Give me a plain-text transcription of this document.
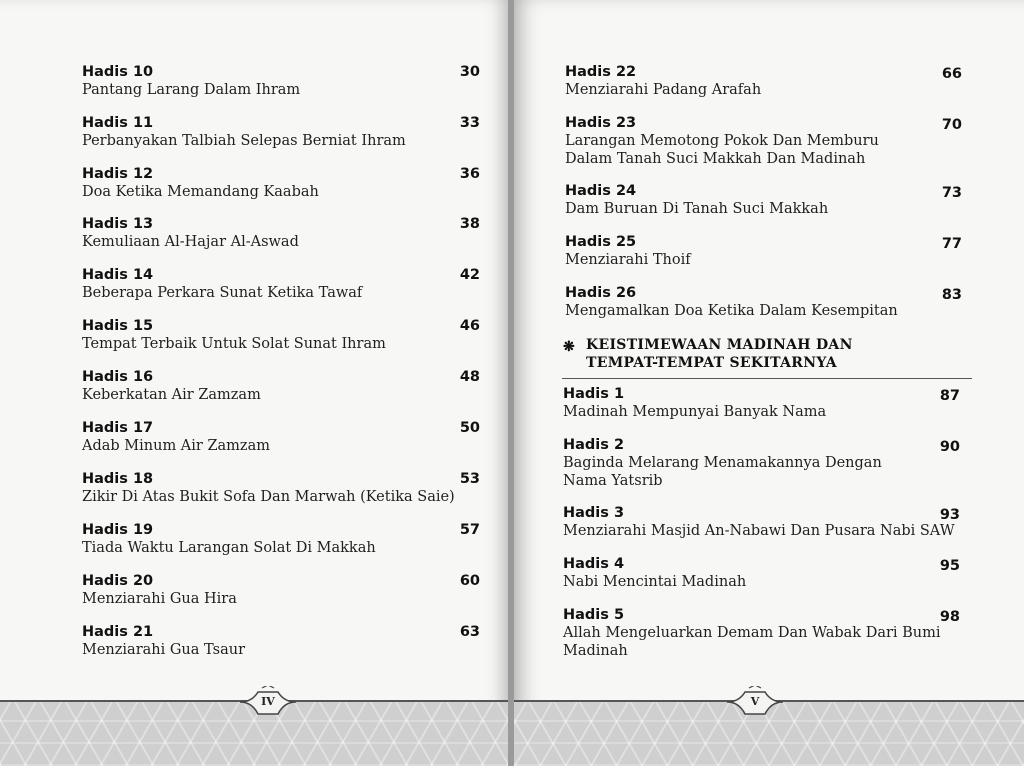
Hadis 10
Pantang Larang Dalam Ihram
30
Hadis 11
Perbanyakan Talbiah Selepas Berniat Ihram
33
Hadis 12
Doa Ketika Memandang Kaabah
36
Hadis 13
Kemuliaan Al-Hajar Al-Aswad
38
Hadis 14
Beberapa Perkara Sunat Ketika Tawaf
42
Hadis 15
Tempat Terbaik Untuk Solat Sunat Ihram
46
Hadis 16
Keberkatan Air Zamzam
48
Hadis 17
Adab Minum Air Zamzam
50
Hadis 18
Zikir Di Atas Bukit Sofa Dan Marwah (Ketika Saie)
53
Hadis 19
Tiada Waktu Larangan Solat Di Makkah
57
Hadis 20
Menziarahi Gua Hira
60
Hadis 21
Menziarahi Gua Tsaur
63
Hadis 22
Menziarahi Padang Arafah
66
Hadis 23
Larangan Memotong Pokok Dan Memburu
Dalam Tanah Suci Makkah Dan Madinah
70
Hadis 24
Dam Buruan Di Tanah Suci Makkah
73
Hadis 25
Menziarahi Thoif
77
Hadis 26
Mengamalkan Doa Ketika Dalam Kesempitan
83
❋ KEISTIMEWAAN MADINAH DAN
TEMPAT-TEMPAT SEKITARNYA
Hadis 1
Madinah Mempunyai Banyak Nama
87
Hadis 2
Baginda Melarang Menamakannya Dengan
Nama Yatsrib
90
Hadis 3
Menziarahi Masjid An-Nabawi Dan Pusara Nabi SAW
93
Hadis 4
Nabi Mencintai Madinah
95
Hadis 5
Allah Mengeluarkan Demam Dan Wabak Dari Bumi
Madinah
98
IV	V
